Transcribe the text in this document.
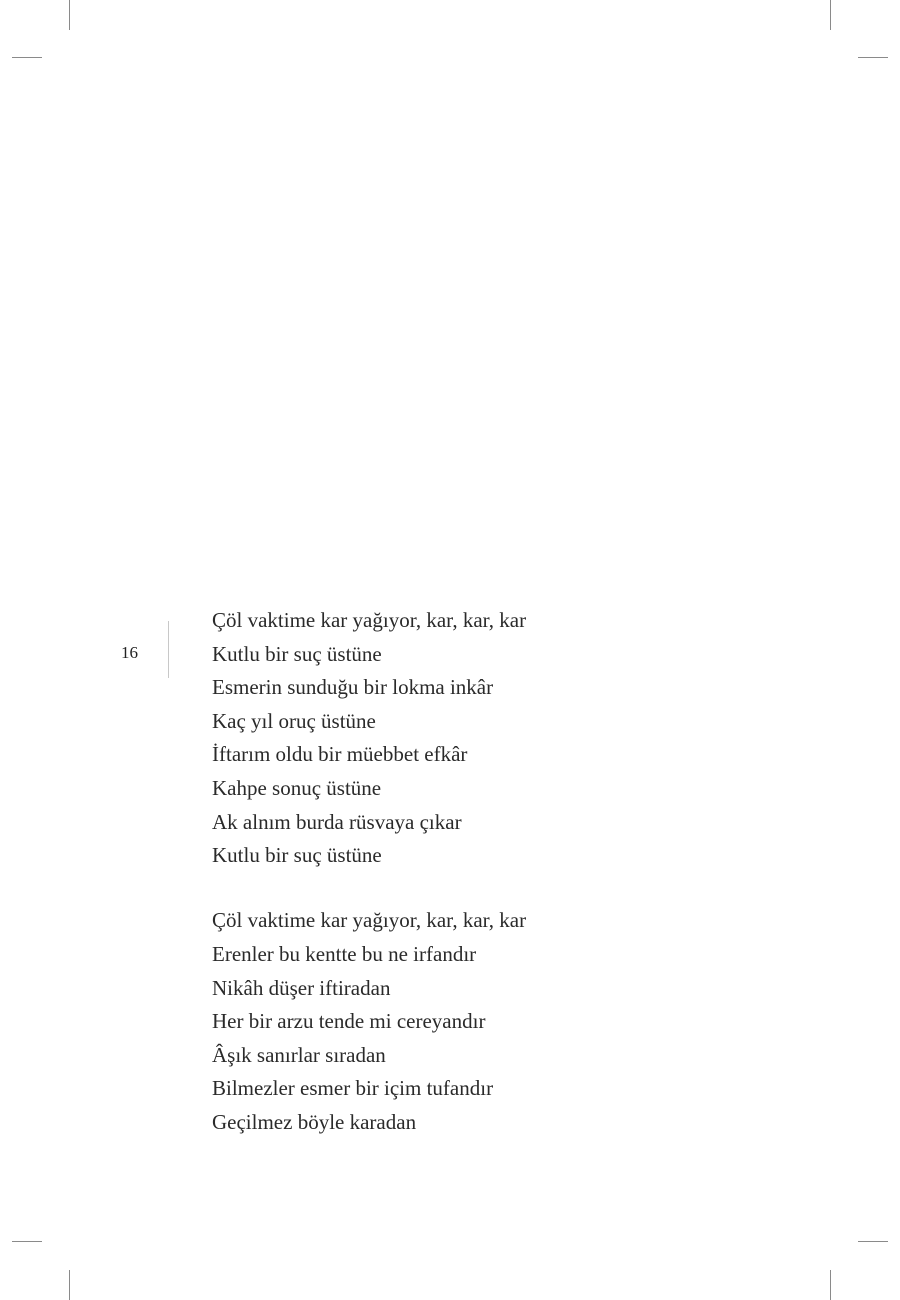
16
Çöl vaktime kar yağıyor, kar, kar, kar
Kutlu bir suç üstüne
Esmerin sunduğu bir lokma inkâr
Kaç yıl oruç üstüne
İftarım oldu bir müebbet efkâr
Kahpe sonuç üstüne
Ak alnım burda rüsvaya çıkar
Kutlu bir suç üstüne
Çöl vaktime kar yağıyor, kar, kar, kar
Erenler bu kentte bu ne irfandır
Nikâh düşer iftiradan
Her bir arzu tende mi cereyandır
Âşık sanırlar sıradan
Bilmezler esmer bir içim tufandır
Geçilmez böyle karadan
